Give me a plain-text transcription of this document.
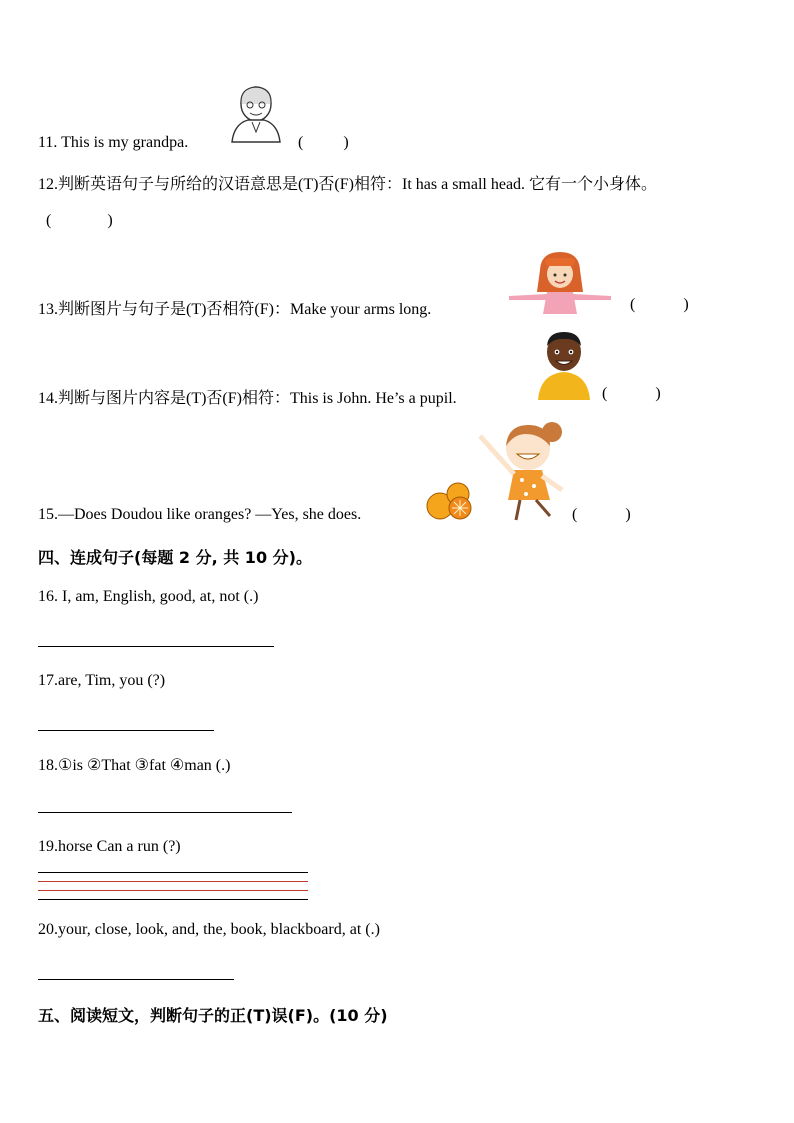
11. This is my grandpa.	(          )
12.判断英语句子与所给的汉语意思是(T)否(F)相符：It has a small head. 它有一个小身体。
(              )
13.判断图片与句子是(T)否相符(F)：Make your arms long.	(            )
14.判断与图片内容是(T)否(F)相符：This is John. He’s a pupil.	(            )
15.—Does Doudou like oranges? —Yes, she does.	(            )
四、连成句子(每题 2 分, 共 10 分)。
16. I, am, English, good, at, not (.)
17.are, Tim, you (?)
18.①is ②That ③fat ④man (.)
19.horse Can a run (?)
20.your, close, look, and, the, book, blackboard, at (.)
五、阅读短文，判断句子的正(T)误(F)。(10 分)
